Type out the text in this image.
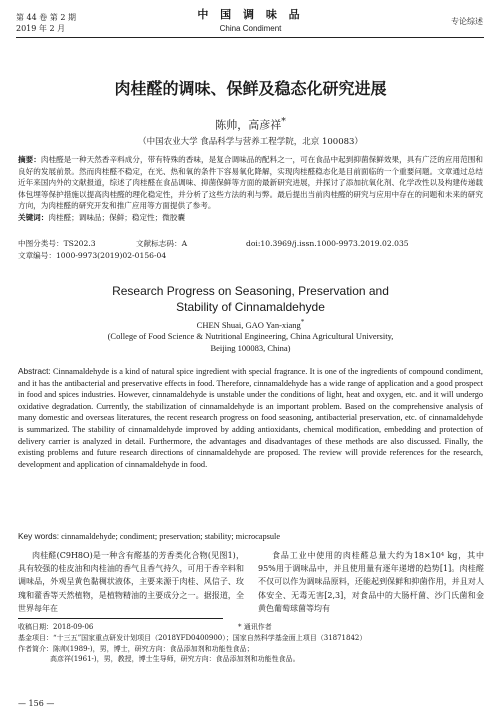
第 44 卷 第 2 期
2019 年 2 月
中 国 调 味 品
China Condiment
专论综述
肉桂醛的调味、保鲜及稳态化研究进展
陈帅，高彦祥*
（中国农业大学 食品科学与营养工程学院，北京 100083）
摘要：肉桂醛是一种天然香辛料成分，带有特殊的香味，是复合调味品的配料之一，可在食品中起到抑菌保鲜效果，具有广泛的应用范围和良好的发展前景。然而肉桂醛不稳定，在光、热和氧的条件下容易氧化降解，实现肉桂醛稳态化是目前面临的一个重要问题。文章通过总结近年来国内外的文献报道，综述了肉桂醛在食品调味、抑菌保鲜等方面的最新研究进展，并探讨了添加抗氧化剂、化学改性以及构建传递载体包埋等保护措施以提高肉桂醛的理化稳定性，并分析了这些方法的利与弊。最后提出当前肉桂醛的研究与应用中存在的问题和未来的研究方向，为肉桂醛的研究开发和推广应用等方面提供了参考。
关键词：肉桂醛；调味品；保鲜；稳定性；微胶囊
中图分类号：TS202.3	文献标志码：A	doi:10.3969/j.issn.1000-9973.2019.02.035
文章编号：1000-9973(2019)02-0156-04
Research Progress on Seasoning, Preservation and
Stability of Cinnamaldehyde
CHEN Shuai, GAO Yan-xiang*
(College of Food Science & Nutritional Engineering, China Agricultural University,
Beijing 100083, China)
Abstract: Cinnamaldehyde is a kind of natural spice ingredient with special fragrance. It is one of the ingredients of compound condiment, and it has the antibacterial and preservative effects in food. Therefore, cinnamaldehyde has a wide range of application and a good prospect in food and spices industries. However, cinnamaldehyde is unstable under the conditions of light, heat and oxygen, etc. and it will undergo oxidative degradation. Currently, the stabilization of cinnamaldehyde is an important problem. Based on the comprehensive analysis of many domestic and overseas literatures, the recent research progress on food seasoning, antibacterial preservation, etc. of cinnamaldehyde is summarized. The stability of cinnamaldehyde improved by adding antioxidants, chemical modification, embedding and protection of delivery carrier is analyzed in detail. Furthermore, the advantages and disadvantages of these methods are also discussed. Finally, the existing problems and future research directions of cinnamaldehyde are proposed. The review will provide references for the research, development and application of cinnamaldehyde in food.
Key words: cinnamaldehyde; condiment; preservation; stability; microcapsule
肉桂醛(C9H8O)是一种含有醛基的芳香类化合物(见图1)，具有较强的桂皮油和肉桂油的香气且香气持久，可用于香辛料和调味品，外观呈黄色黏稠状液体，主要来源于肉桂、风信子、玫瑰和藿香等天然植物，是植物精油的主要成分之一。据报道，全世界每年在
食品工业中使用的肉桂醛总量大约为18×10⁴ kg，其中95%用于调味品中，并且使用量有逐年递增的趋势[1]。肉桂醛不仅可以作为调味品原料，还能起到保鲜和抑菌作用，并且对人体安全、无毒无害[2,3]，对食品中的大肠杆菌、沙门氏菌和金黄色葡萄球菌等均有
收稿日期：2018-09-06	* 通讯作者
基金项目：“十三五”国家重点研发计划项目（2018YFD0400900）；国家自然科学基金面上项目（31871842）
作者简介：陈帅(1989-)，男，博士，研究方向：食品添加剂和功能性食品；
高彦祥(1961-)，男，教授，博士生导师，研究方向：食品添加剂和功能性食品。
— 156 —
